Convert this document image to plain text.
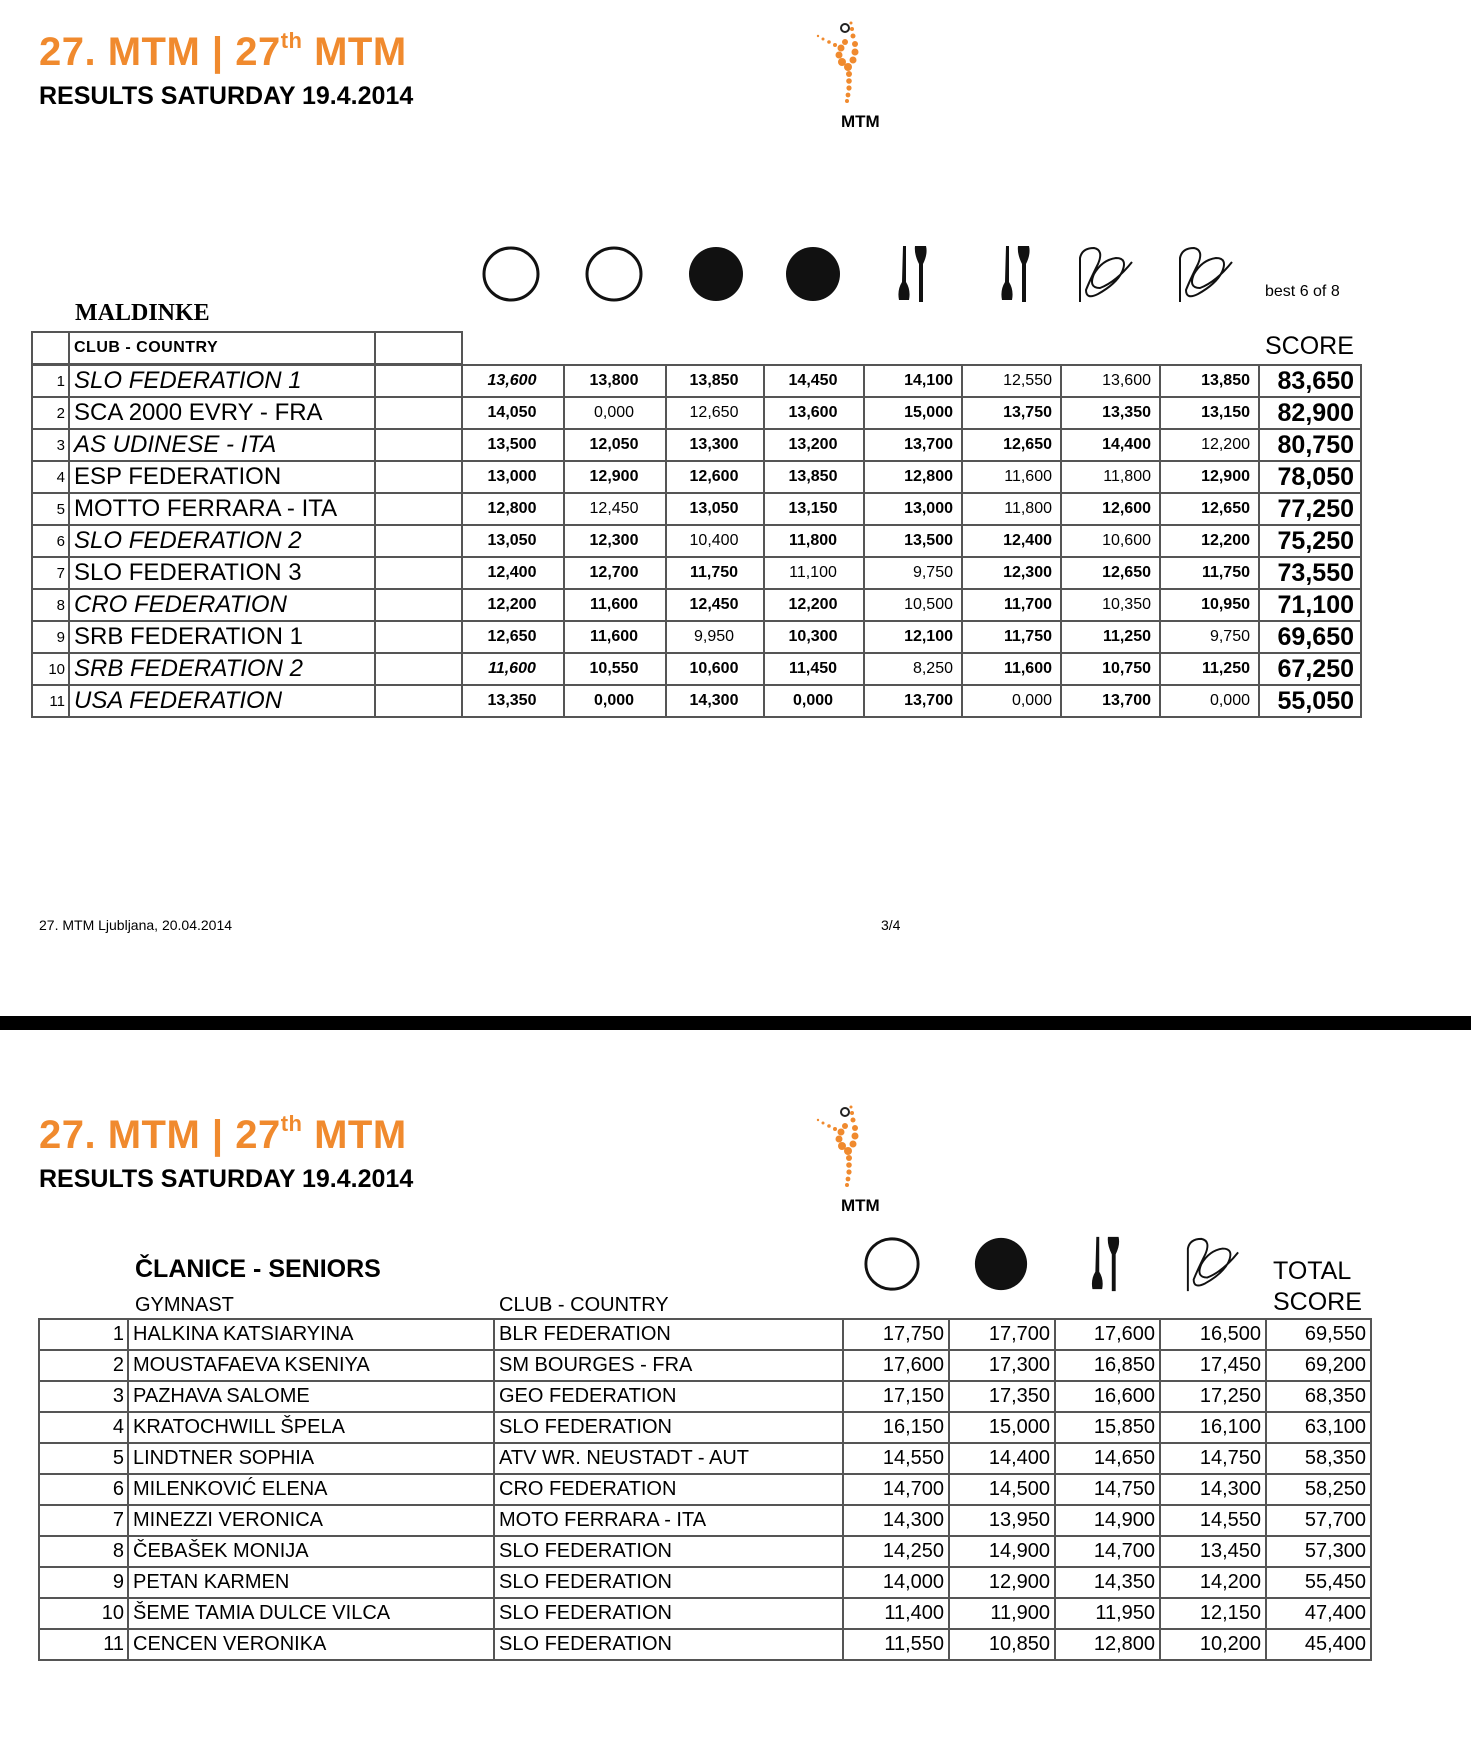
27. MTM | 27th MTM
RESULTS SATURDAY 19.4.2014
MTM
best 6 of 8
MALDINKE
SCORE
	CLUB - COUNTRY	
1	SLO FEDERATION 1		13,600	13,800	13,850	14,450	14,100	12,550	13,600	13,850	83,650
2	SCA 2000 EVRY - FRA		14,050	0,000	12,650	13,600	15,000	13,750	13,350	13,150	82,900
3	AS UDINESE - ITA		13,500	12,050	13,300	13,200	13,700	12,650	14,400	12,200	80,750
4	ESP FEDERATION		13,000	12,900	12,600	13,850	12,800	11,600	11,800	12,900	78,050
5	MOTTO FERRARA - ITA		12,800	12,450	13,050	13,150	13,000	11,800	12,600	12,650	77,250
6	SLO FEDERATION 2		13,050	12,300	10,400	11,800	13,500	12,400	10,600	12,200	75,250
7	SLO FEDERATION 3		12,400	12,700	11,750	11,100	9,750	12,300	12,650	11,750	73,550
8	CRO FEDERATION		12,200	11,600	12,450	12,200	10,500	11,700	10,350	10,950	71,100
9	SRB FEDERATION 1		12,650	11,600	9,950	10,300	12,100	11,750	11,250	9,750	69,650
10	SRB FEDERATION 2		11,600	10,550	10,600	11,450	8,250	11,600	10,750	11,250	67,250
11	USA FEDERATION		13,350	0,000	14,300	0,000	13,700	0,000	13,700	0,000	55,050
27. MTM Ljubljana, 20.04.2014	3/4
27. MTM | 27th MTM
RESULTS SATURDAY 19.4.2014
MTM
ČLANICE - SENIORS
GYMNAST	CLUB - COUNTRY
TOTAL
SCORE
1	HALKINA KATSIARYINA	BLR FEDERATION	17,750	17,700	17,600	16,500	69,550
2	MOUSTAFAEVA KSENIYA	SM BOURGES - FRA	17,600	17,300	16,850	17,450	69,200
3	PAZHAVA SALOME	GEO FEDERATION	17,150	17,350	16,600	17,250	68,350
4	KRATOCHWILL ŠPELA	SLO FEDERATION	16,150	15,000	15,850	16,100	63,100
5	LINDTNER SOPHIA	ATV WR. NEUSTADT - AUT	14,550	14,400	14,650	14,750	58,350
6	MILENKOVIĆ ELENA	CRO FEDERATION	14,700	14,500	14,750	14,300	58,250
7	MINEZZI VERONICA	MOTO FERRARA - ITA	14,300	13,950	14,900	14,550	57,700
8	ČEBAŠEK MONIJA	SLO FEDERATION	14,250	14,900	14,700	13,450	57,300
9	PETAN KARMEN	SLO FEDERATION	14,000	12,900	14,350	14,200	55,450
10	ŠEME TAMIA DULCE VILCA	SLO FEDERATION	11,400	11,900	11,950	12,150	47,400
11	CENCEN VERONIKA	SLO FEDERATION	11,550	10,850	12,800	10,200	45,400
